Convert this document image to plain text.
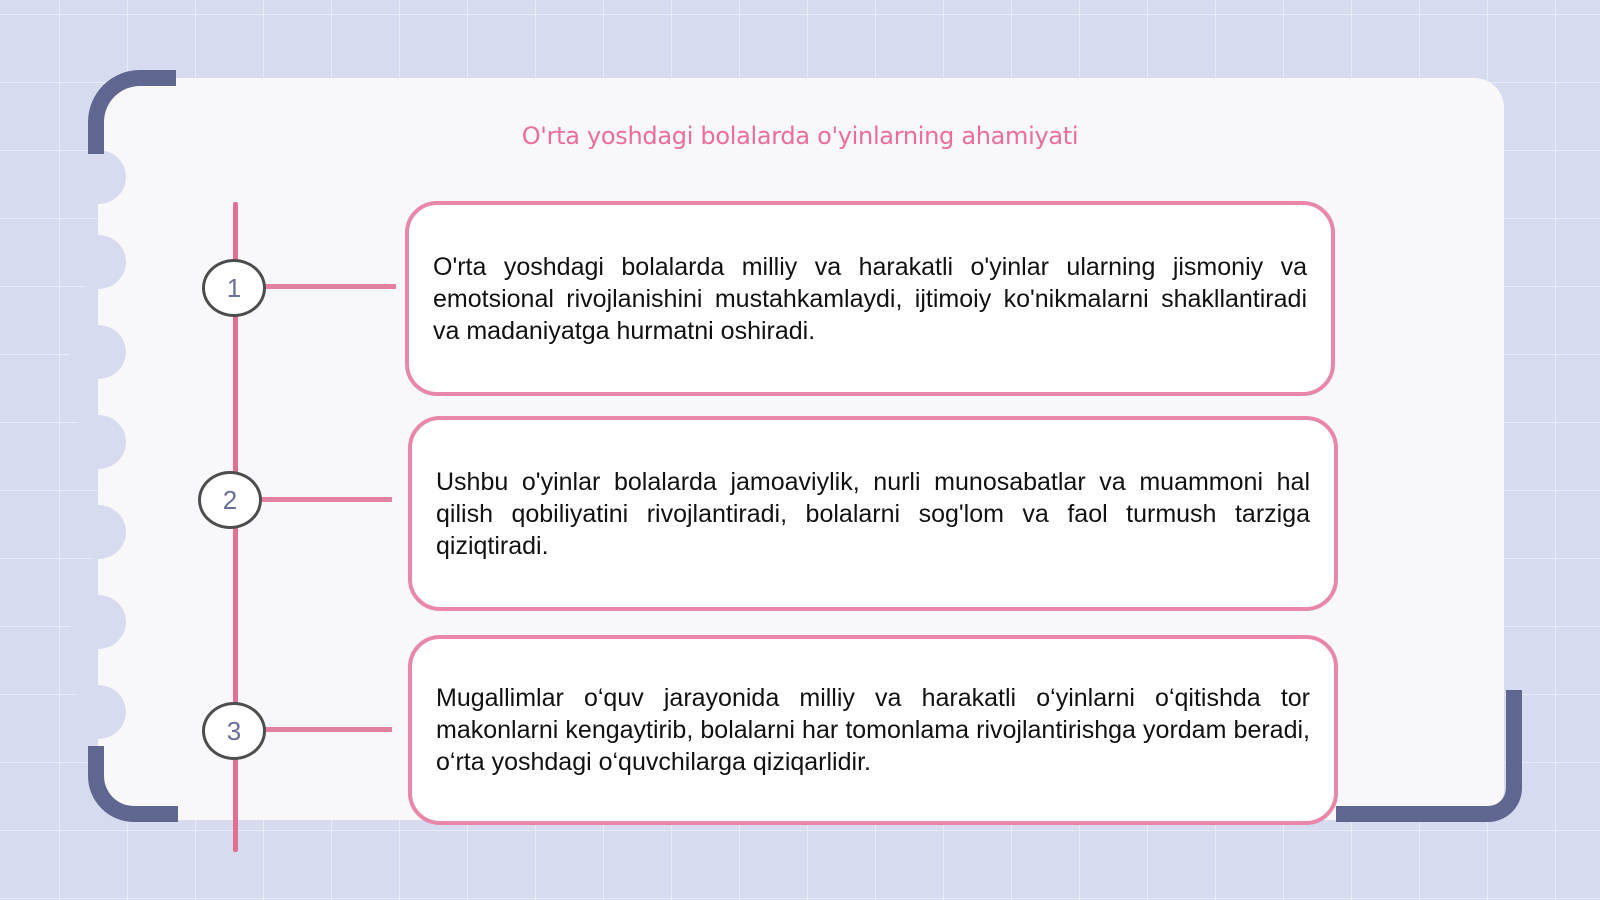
O'rta yoshdagi bolalarda o'yinlarning ahamiyati
1

O'rta yoshdagi bolalarda milliy va harakatli o'yinlar ularning jismoniy va emotsional rivojlanishini mustahkamlaydi, ijtimoiy ko'nikmalarni shakllantiradi va madaniyatga hurmatni oshiradi.

2

Ushbu o'yinlar bolalarda jamoaviylik, nurli munosabatlar va muammoni hal qilish qobiliyatini rivojlantiradi, bolalarni sog'lom va faol turmush tarziga qiziqtiradi.

3

Mugallimlar o‘quv jarayonida milliy va harakatli o‘yinlarni o‘qitishda tor makonlarni kengaytirib, bolalarni har tomonlama rivojlantirishga yordam beradi, o‘rta yoshdagi o‘quvchilarga qiziqarlidir.
